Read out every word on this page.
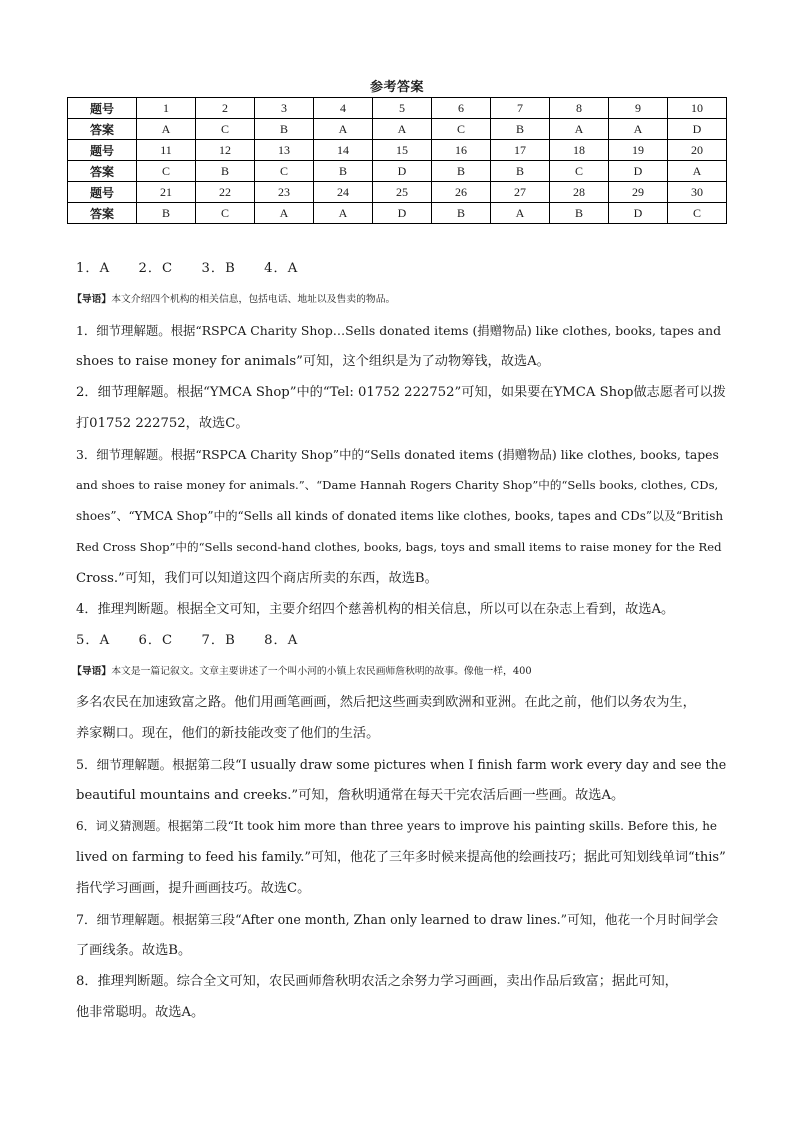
参考答案
题号	1	2	3	4	5	6	7	8	9	10
答案	A	C	B	A	A	C	B	A	A	D
题号	11	12	13	14	15	16	17	18	19	20
答案	C	B	C	B	D	B	B	C	D	A
题号	21	22	23	24	25	26	27	28	29	30
答案	B	C	A	A	D	B	A	B	D	C
1．A　　2．C　　3．B　　4．A
【导语】本文介绍四个机构的相关信息，包括电话、地址以及售卖的物品。
1．细节理解题。根据“RSPCA Charity Shop…Sells donated items (捐赠物品) like clothes, books, tapes and
shoes to raise money for animals”可知，这个组织是为了动物筹钱，故选A。
2．细节理解题。根据“YMCA Shop”中的“Tel: 01752 222752”可知，如果要在YMCA Shop做志愿者可以拨
打01752 222752，故选C。
3．细节理解题。根据“RSPCA Charity Shop”中的“Sells donated items (捐赠物品) like clothes, books, tapes
and shoes to raise money for animals.”、“Dame Hannah Rogers Charity Shop”中的“Sells books, clothes, CDs,
shoes”、“YMCA Shop”中的“Sells all kinds of donated items like clothes, books, tapes and CDs”以及“British
Red Cross Shop”中的“Sells second-hand clothes, books, bags, toys and small items to raise money for the Red
Cross.”可知，我们可以知道这四个商店所卖的东西，故选B。
4．推理判断题。根据全文可知，主要介绍四个慈善机构的相关信息，所以可以在杂志上看到，故选A。
5．A　　6．C　　7．B　　8．A
【导语】本文是一篇记叙文。文章主要讲述了一个叫小河的小镇上农民画师詹秋明的故事。像他一样，400
多名农民在加速致富之路。他们用画笔画画，然后把这些画卖到欧洲和亚洲。在此之前，他们以务农为生，
养家糊口。现在，他们的新技能改变了他们的生活。
5．细节理解题。根据第二段“I usually draw some pictures when I finish farm work every day and see the
beautiful mountains and creeks.”可知，詹秋明通常在每天干完农活后画一些画。故选A。
6．词义猜测题。根据第二段“It took him more than three years to improve his painting skills. Before this, he
lived on farming to feed his family.”可知，他花了三年多时候来提高他的绘画技巧；据此可知划线单词“this”
指代学习画画，提升画画技巧。故选C。
7．细节理解题。根据第三段“After one month, Zhan only learned to draw lines.”可知，他花一个月时间学会
了画线条。故选B。
8．推理判断题。综合全文可知，农民画师詹秋明农活之余努力学习画画，卖出作品后致富；据此可知，
他非常聪明。故选A。
